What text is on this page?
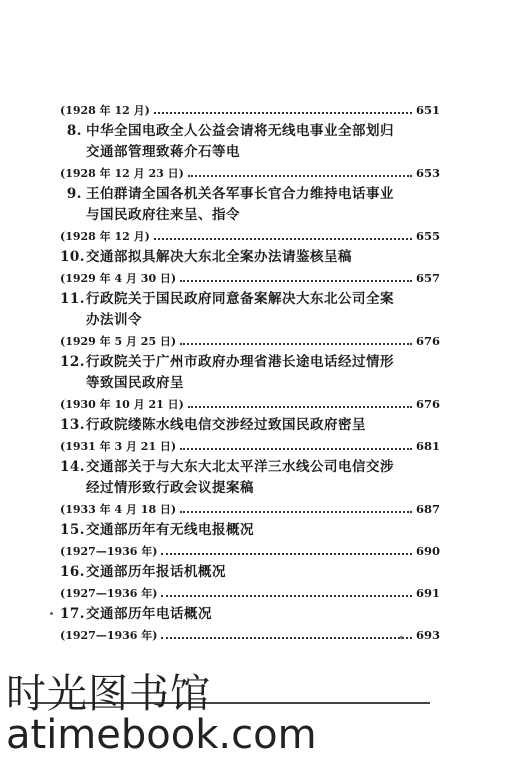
(1928 年 12 月)	651
8. 中华全国电政全人公益会请将无线电事业全部划归
交通部管理致蒋介石等电
(1928 年 12 月 23 日)	653
9. 王伯群请全国各机关各军事长官合力维持电话事业
与国民政府往来呈、指令
(1928 年 12 月)	655
10. 交通部拟具解决大东北全案办法请鉴核呈稿
(1929 年 4 月 30 日)	657
11. 行政院关于国民政府同意备案解决大东北公司全案
办法训令
(1929 年 5 月 25 日)	676
12. 行政院关于广州市政府办理省港长途电话经过情形
等致国民政府呈
(1930 年 10 月 21 日)	676
13. 行政院缕陈水线电信交涉经过致国民政府密呈
(1931 年 3 月 21 日)	681
14. 交通部关于与大东大北太平洋三水线公司电信交涉
经过情形致行政会议提案稿
(1933 年 4 月 18 日)	687
15. 交通部历年有无线电报概况
(1927—1936 年)	690
16. 交通部历年报话机概况
(1927—1936 年)	691
17. 交通部历年电话概况
(1927—1936 年)	693
时光图书馆
atimebook.com
